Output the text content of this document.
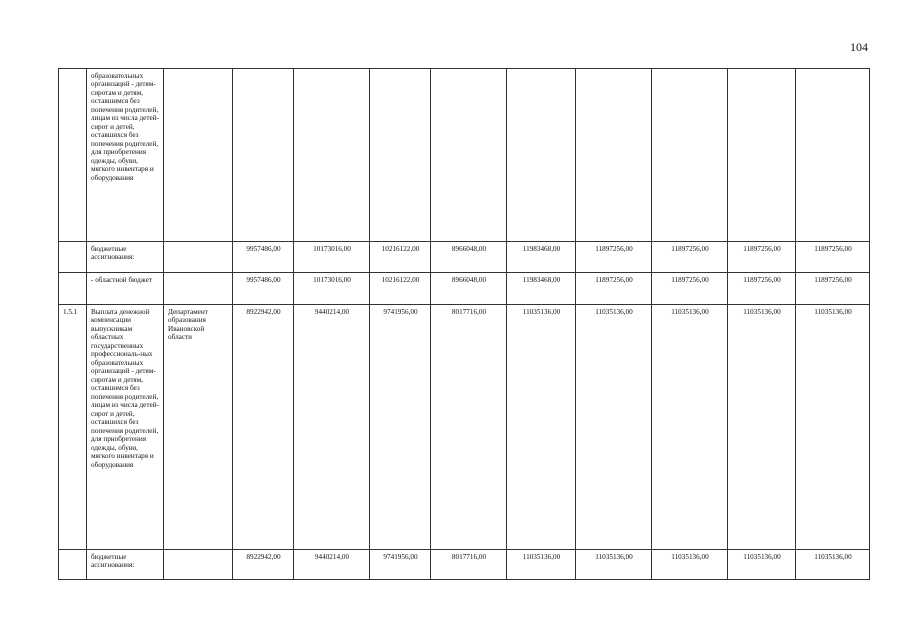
104
	образовательных организаций - детям-сиротам и детям, оставшимся без попечения родителей, лицам из числа детей-сирот и детей, оставшихся без попечения родителей, для приобретения одежды, обуви, мягкого инвентаря и оборудования										
	бюджетные ассигнования:		9957486,00	10173016,00	10216122,00	8966048,00	11983468,00	11897256,00	11897256,00	11897256,00	11897256,00
	- областной бюджет		9957486,00	10173016,00	10216122,00	8966048,00	11983468,00	11897256,00	11897256,00	11897256,00	11897256,00
1.5.1	Выплата денежной компенсации выпускникам областных государственных профессиональ-ных образовательных организаций - детям-сиротам и детям, оставшимся без попечения родителей, лицам из числа детей-сирот и детей, оставшихся без попечения родителей, для приобретения одежды, обуви, мягкого инвентаря и оборудования	Департамент образования Ивановской области	8922942,00	9440214,00	9741956,00	8017716,00	11035136,00	11035136,00	11035136,00	11035136,00	11035136,00
	бюджетные ассигнования:		8922942,00	9440214,00	9741956,00	8017716,00	11035136,00	11035136,00	11035136,00	11035136,00	11035136,00
